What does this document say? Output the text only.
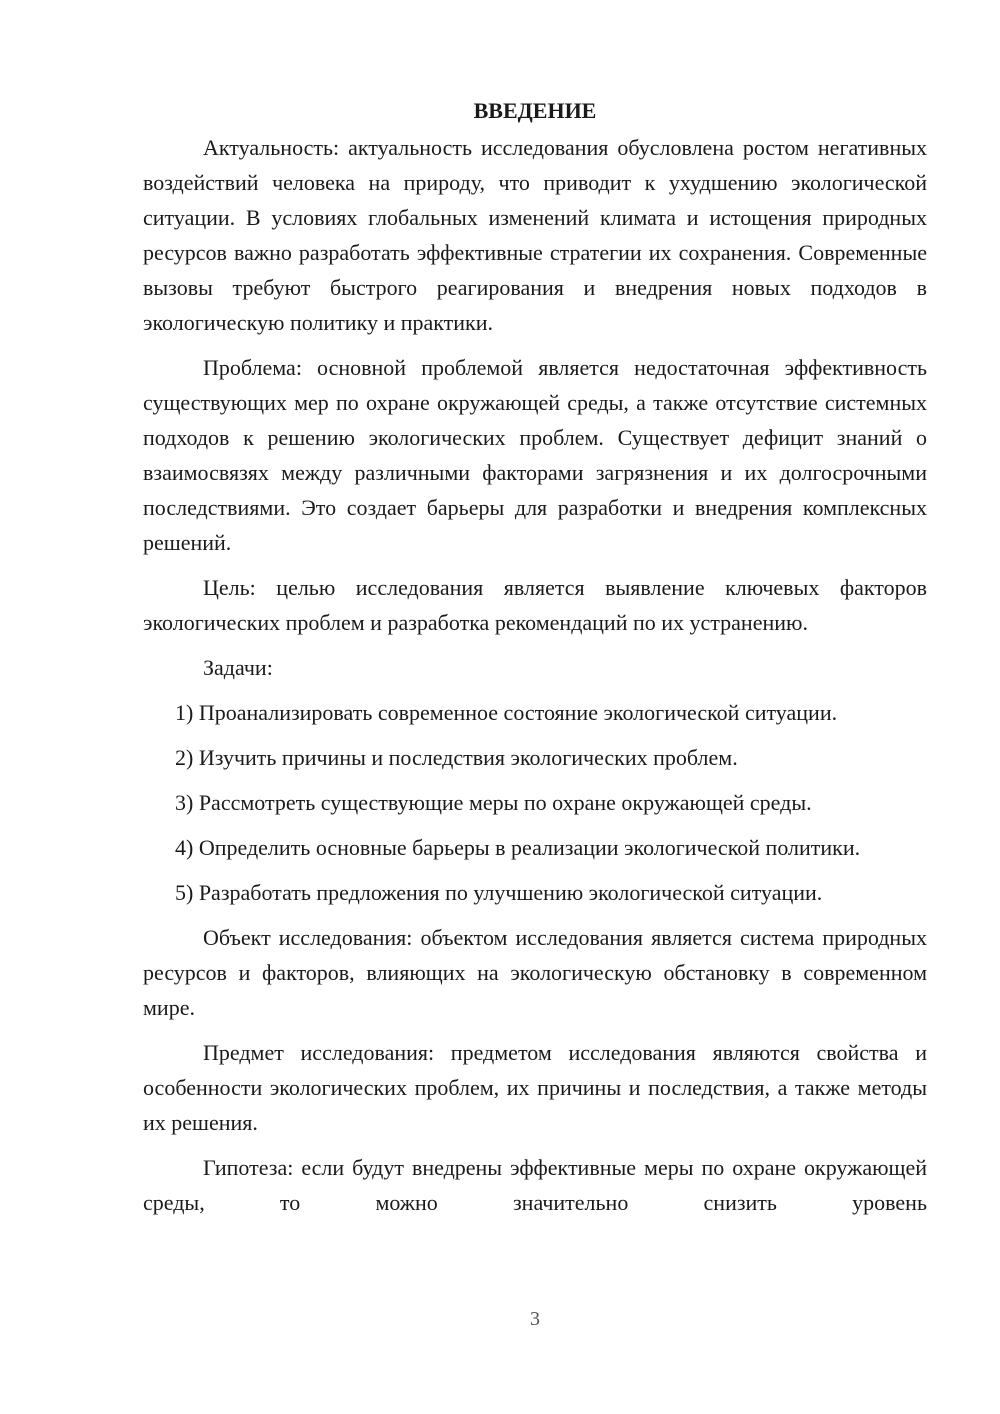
ВВЕДЕНИЕ

Актуальность: актуальность исследования обусловлена ростом негативных воздействий человека на природу, что приводит к ухудшению экологической ситуации. В условиях глобальных изменений климата и истощения природных ресурсов важно разработать эффективные стратегии их сохранения. Современные вызовы требуют быстрого реагирования и внедрения новых подходов в экологическую политику и практики.

Проблема: основной проблемой является недостаточная эффективность существующих мер по охране окружающей среды, а также отсутствие системных подходов к решению экологических проблем. Существует дефицит знаний о взаимосвязях между различными факторами загрязнения и их долгосрочными последствиями. Это создает барьеры для разработки и внедрения комплексных решений.

Цель: целью исследования является выявление ключевых факторов экологических проблем и разработка рекомендаций по их устранению.

Задачи:

1) Проанализировать современное состояние экологической ситуации.

2) Изучить причины и последствия экологических проблем.

3) Рассмотреть существующие меры по охране окружающей среды.

4) Определить основные барьеры в реализации экологической политики.

5) Разработать предложения по улучшению экологической ситуации.

Объект исследования: объектом исследования является система природных ресурсов и факторов, влияющих на экологическую обстановку в современном мире.

Предмет исследования: предметом исследования являются свойства и особенности экологических проблем, их причины и последствия, а также методы их решения.

Гипотеза: если будут внедрены эффективные меры по охране окружающей среды, то можно значительно снизить уровень

3
